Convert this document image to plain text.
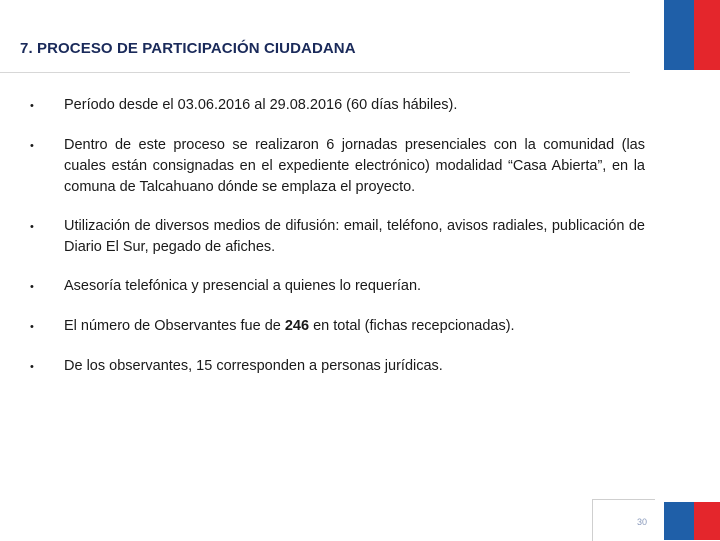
7. PROCESO DE PARTICIPACIÓN CIUDADANA
•	Período desde el 03.06.2016 al 29.08.2016 (60 días hábiles).
•	Dentro de este proceso se realizaron 6 jornadas presenciales con la comunidad (las cuales están consignadas en el expediente electrónico) modalidad “Casa Abierta”, en la comuna de Talcahuano dónde se emplaza el proyecto.
•	Utilización de diversos medios de difusión: email, teléfono, avisos radiales, publicación de Diario El Sur, pegado de afiches.
•	Asesoría telefónica y presencial a quienes lo requerían.
•	El número de Observantes fue de 246 en total (fichas recepcionadas).
•	De los observantes, 15 corresponden a personas jurídicas.
30
